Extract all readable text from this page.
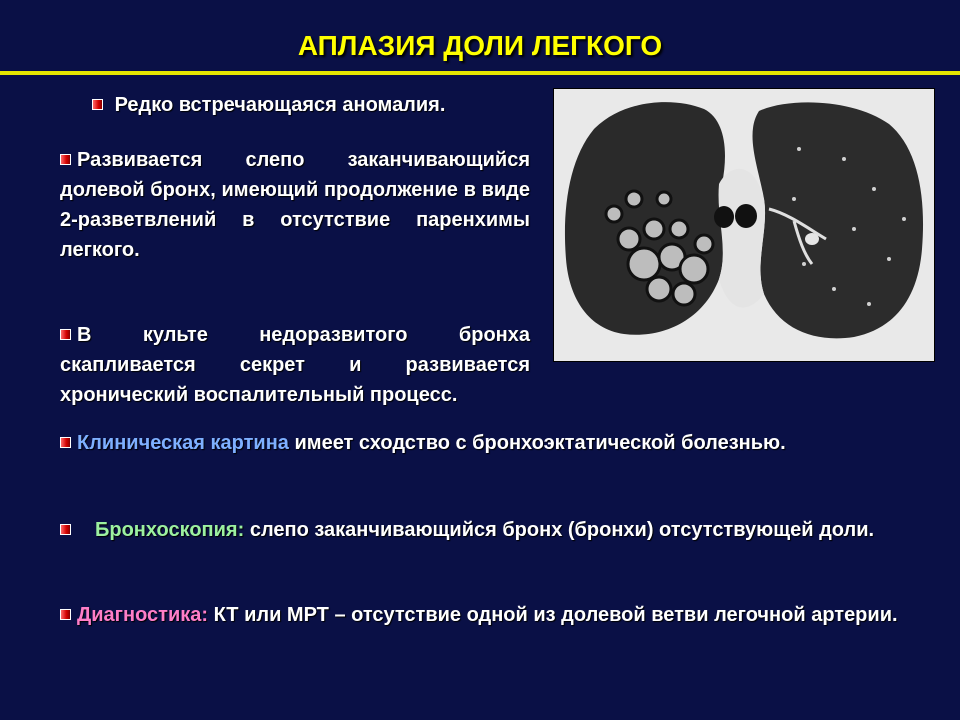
АПЛАЗИЯ ДОЛИ ЛЕГКОГО
Редко встречающаяся аномалия.
Развивается слепо заканчивающийся долевой бронх, имеющий продолжение в виде 2-разветвлений в отсутствие паренхимы легкого.
В культе недоразвитого бронха скапливается секрет и развивается хронический воспалительный процесс.
Клиническая картина имеет сходство с бронхоэктатической болезнью.
Бронхоскопия: слепо заканчивающийся бронх (бронхи) отсутствующей доли.
Диагностика: КТ или МРТ – отсутствие одной из долевой ветви легочной артерии.
